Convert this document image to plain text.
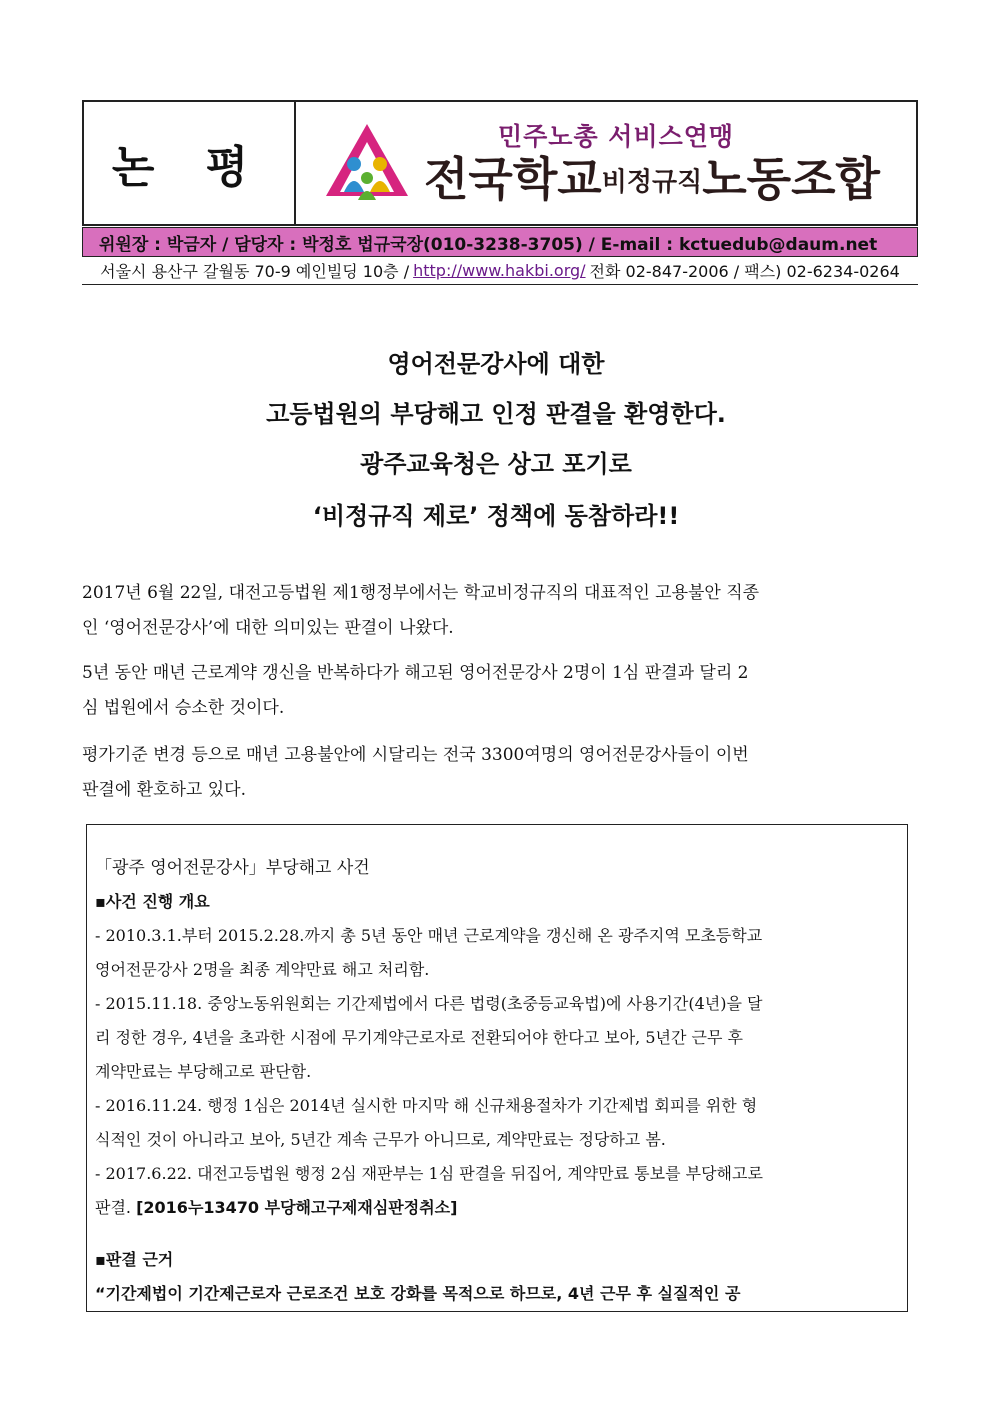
논 평
민주노총 서비스연맹
전국학교비정규직노동조합
위원장 : 박금자 / 담당자 : 박정호 법규국장(010-3238-3705) / E-mail : kctuedub@daum.net
서울시 용산구 갈월동 70-9 예인빌딩 10층 / http://www.hakbi.org/ 전화 02-847-2006 / 팩스) 02-6234-0264
영어전문강사에 대한
고등법원의 부당해고 인정 판결을 환영한다.
광주교육청은 상고 포기로
‘비정규직 제로’ 정책에 동참하라!!
2017년 6월 22일, 대전고등법원 제1행정부에서는 학교비정규직의 대표적인 고용불안 직종
인 ‘영어전문강사’에 대한 의미있는 판결이 나왔다.
5년 동안 매년 근로계약 갱신을 반복하다가 해고된 영어전문강사 2명이 1심 판결과 달리 2
심 법원에서 승소한 것이다.
평가기준 변경 등으로 매년 고용불안에 시달리는 전국 3300여명의 영어전문강사들이 이번
판결에 환호하고 있다.
「광주 영어전문강사」부당해고 사건
▪사건 진행 개요
- 2010.3.1.부터 2015.2.28.까지 총 5년 동안 매년 근로계약을 갱신해 온 광주지역 모초등학교
영어전문강사 2명을 최종 계약만료 해고 처리함.
- 2015.11.18. 중앙노동위원회는 기간제법에서 다른 법령(초중등교육법)에 사용기간(4년)을 달
리 정한 경우, 4년을 초과한 시점에 무기계약근로자로 전환되어야 한다고 보아, 5년간 근무 후
계약만료는 부당해고로 판단함.
- 2016.11.24. 행정 1심은 2014년 실시한 마지막 해 신규채용절차가 기간제법 회피를 위한 형
식적인 것이 아니라고 보아, 5년간 계속 근무가 아니므로, 계약만료는 정당하고 봄.
- 2017.6.22. 대전고등법원 행정 2심 재판부는 1심 판결을 뒤집어, 계약만료 통보를 부당해고로
판결. [2016누13470 부당해고구제재심판정취소]
▪판결 근거
“기간제법이 기간제근로자 근로조건 보호 강화를 목적으로 하므로, 4년 근무 후 실질적인 공
